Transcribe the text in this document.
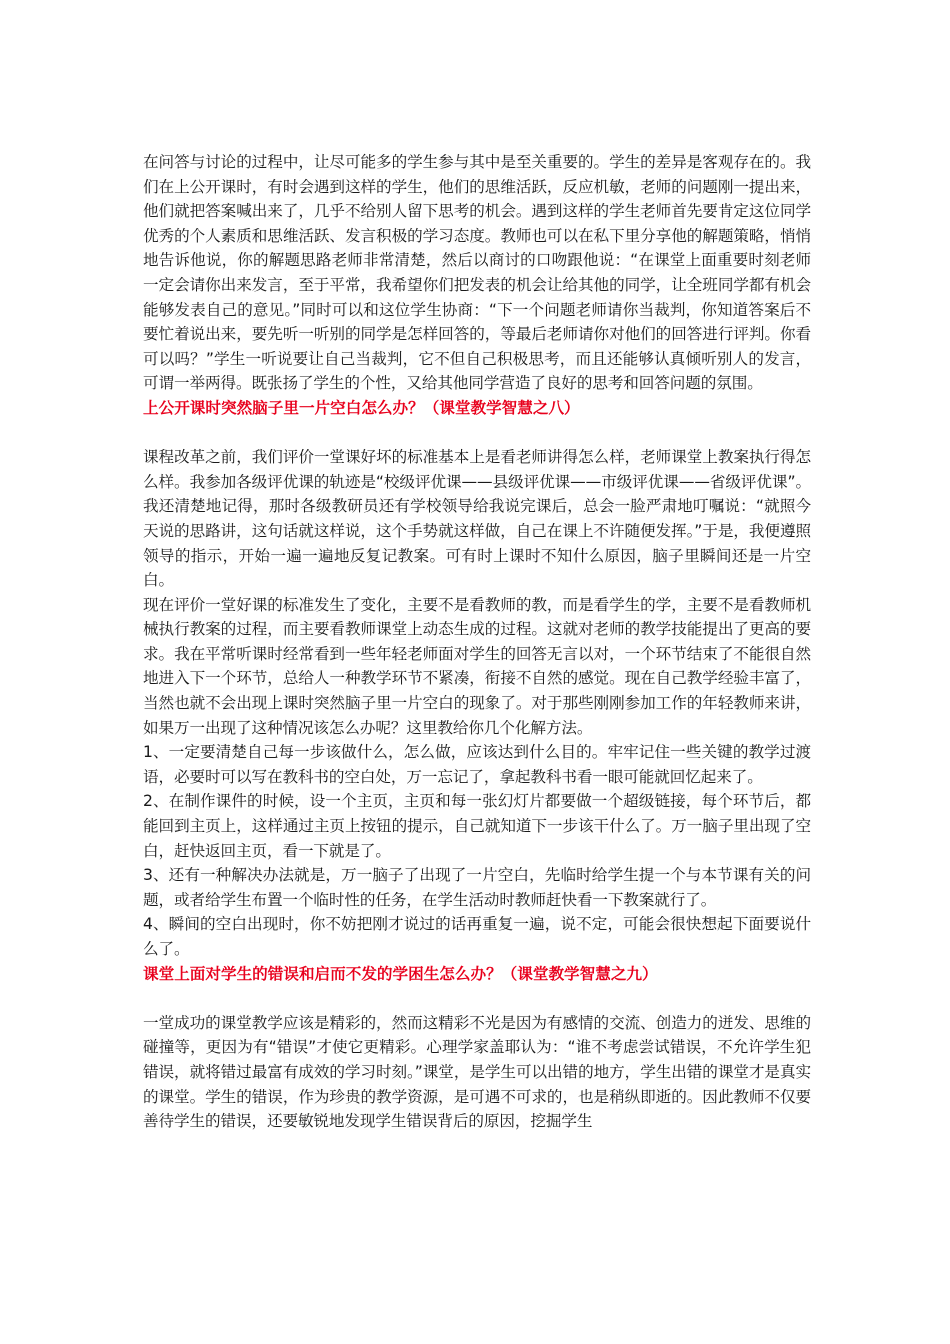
在问答与讨论的过程中，让尽可能多的学生参与其中是至关重要的。学生的差异是客观存在的。我们在上公开课时，有时会遇到这样的学生，他们的思维活跃，反应机敏，老师的问题刚一提出来，他们就把答案喊出来了，几乎不给别人留下思考的机会。遇到这样的学生老师首先要肯定这位同学优秀的个人素质和思维活跃、发言积极的学习态度。教师也可以在私下里分享他的解题策略，悄悄地告诉他说，你的解题思路老师非常清楚，然后以商讨的口吻跟他说：“在课堂上面重要时刻老师一定会请你出来发言，至于平常，我希望你们把发表的机会让给其他的同学，让全班同学都有机会能够发表自己的意见。”同时可以和这位学生协商：“下一个问题老师请你当裁判，你知道答案后不要忙着说出来，要先听一听别的同学是怎样回答的，等最后老师请你对他们的回答进行评判。你看可以吗？”学生一听说要让自己当裁判，它不但自己积极思考，而且还能够认真倾听别人的发言，可谓一举两得。既张扬了学生的个性，又给其他同学营造了良好的思考和回答问题的氛围。

上公开课时突然脑子里一片空白怎么办？（课堂教学智慧之八）

课程改革之前，我们评价一堂课好坏的标准基本上是看老师讲得怎么样，老师课堂上教案执行得怎么样。我参加各级评优课的轨迹是“校级评优课——县级评优课——市级评优课——省级评优课”。我还清楚地记得，那时各级教研员还有学校领导给我说完课后，总会一脸严肃地叮嘱说：“就照今天说的思路讲，这句话就这样说，这个手势就这样做，自己在课上不许随便发挥。”于是，我便遵照领导的指示，开始一遍一遍地反复记教案。可有时上课时不知什么原因，脑子里瞬间还是一片空白。

现在评价一堂好课的标准发生了变化，主要不是看教师的教，而是看学生的学，主要不是看教师机械执行教案的过程，而主要看教师课堂上动态生成的过程。这就对老师的教学技能提出了更高的要求。我在平常听课时经常看到一些年轻老师面对学生的回答无言以对，一个环节结束了不能很自然地进入下一个环节，总给人一种教学环节不紧凑，衔接不自然的感觉。现在自己教学经验丰富了，当然也就不会出现上课时突然脑子里一片空白的现象了。对于那些刚刚参加工作的年轻教师来讲，如果万一出现了这种情况该怎么办呢？这里教给你几个化解方法。

1、一定要清楚自己每一步该做什么，怎么做，应该达到什么目的。牢牢记住一些关键的教学过渡语，必要时可以写在教科书的空白处，万一忘记了，拿起教科书看一眼可能就回忆起来了。

2、在制作课件的时候，设一个主页，主页和每一张幻灯片都要做一个超级链接，每个环节后，都能回到主页上，这样通过主页上按钮的提示，自己就知道下一步该干什么了。万一脑子里出现了空白，赶快返回主页，看一下就是了。

3、还有一种解决办法就是，万一脑子了出现了一片空白，先临时给学生提一个与本节课有关的问题，或者给学生布置一个临时性的任务，在学生活动时教师赶快看一下教案就行了。

4、瞬间的空白出现时，你不妨把刚才说过的话再重复一遍，说不定，可能会很快想起下面要说什么了。

课堂上面对学生的错误和启而不发的学困生怎么办？（课堂教学智慧之九）

一堂成功的课堂教学应该是精彩的，然而这精彩不光是因为有感情的交流、创造力的迸发、思维的碰撞等，更因为有“错误”才使它更精彩。心理学家盖耶认为：“谁不考虑尝试错误，不允许学生犯错误，就将错过最富有成效的学习时刻。”课堂，是学生可以出错的地方，学生出错的课堂才是真实的课堂。学生的错误，作为珍贵的教学资源，是可遇不可求的，也是稍纵即逝的。因此教师不仅要善待学生的错误，还要敏锐地发现学生错误背后的原因，挖掘学生
